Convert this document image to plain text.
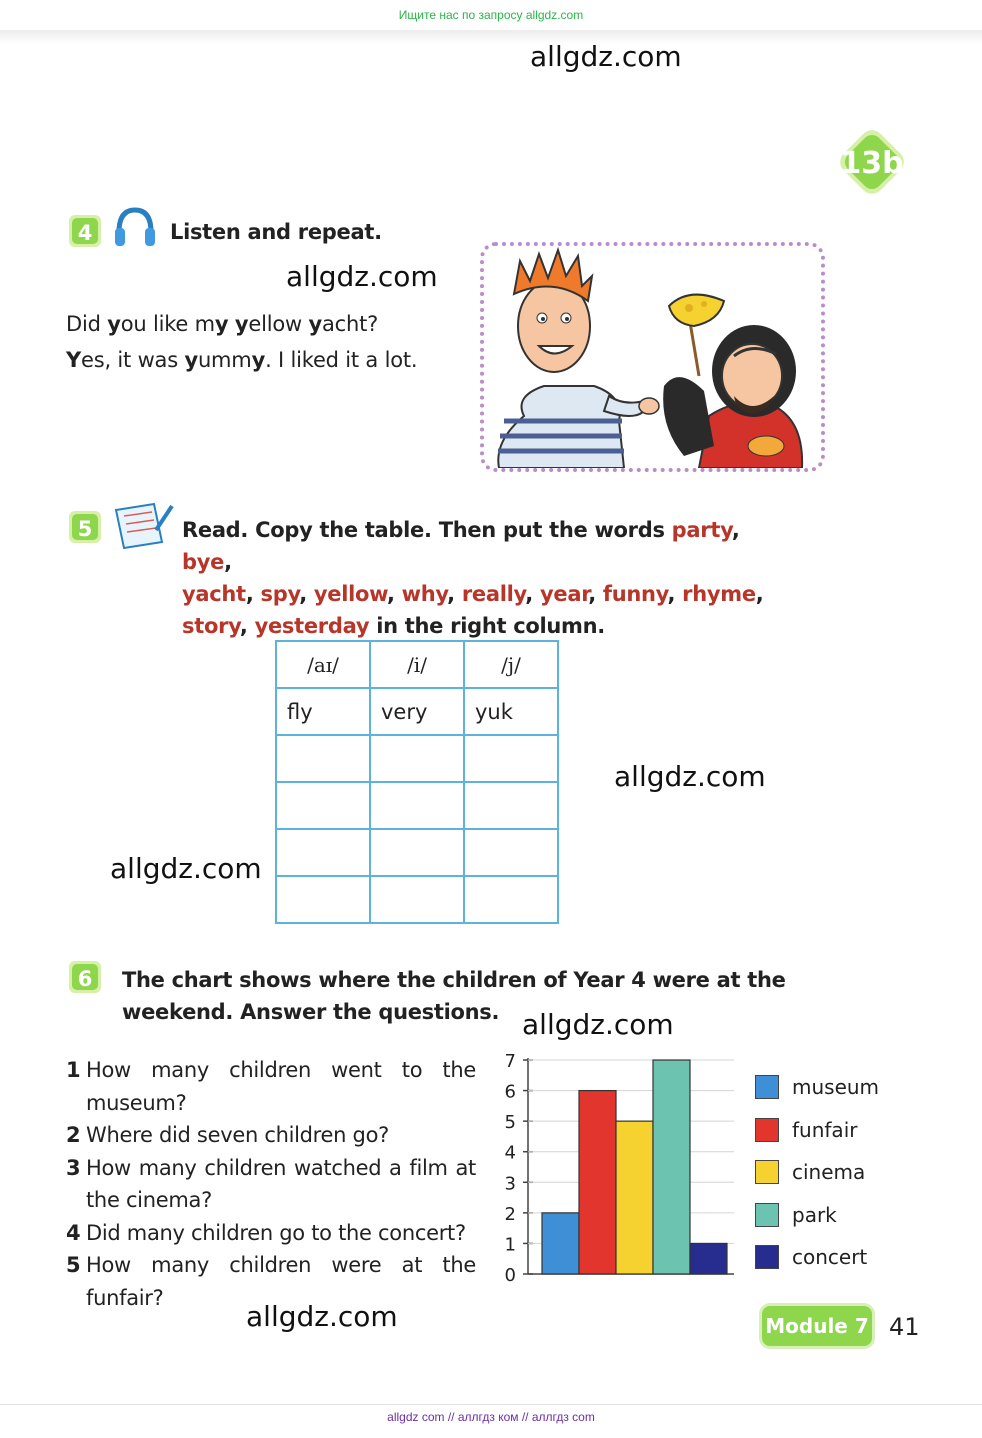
Ищите нас по запросу allgdz.com
allgdz com // аллгдз ком // аллгдз com
allgdz.com
allgdz.com
allgdz.com
allgdz.com
allgdz.com
allgdz.com
13b
4	Listen and repeat.
Did you like my yellow yacht?
Yes, it was yummy. I liked it a lot.
5	Read. Copy the table. Then put the words party, bye,
yacht, spy, yellow, why, really, year, funny, rhyme,
story, yesterday in the right column.
/aɪ/	/i/	/j/
fly	very	yuk

6 The chart shows where the children of Year 4 were at the
weekend. Answer the questions.
1 How many children went to the
museum?
2 Where did seven children go?
3 How many children watched a film at
the cinema?
4 Did many children go to the concert?
5 How many children were at the funfair?
0
1
2
3
4
5
6
7
museum
funfair
cinema
park
concert
Module 7 41
